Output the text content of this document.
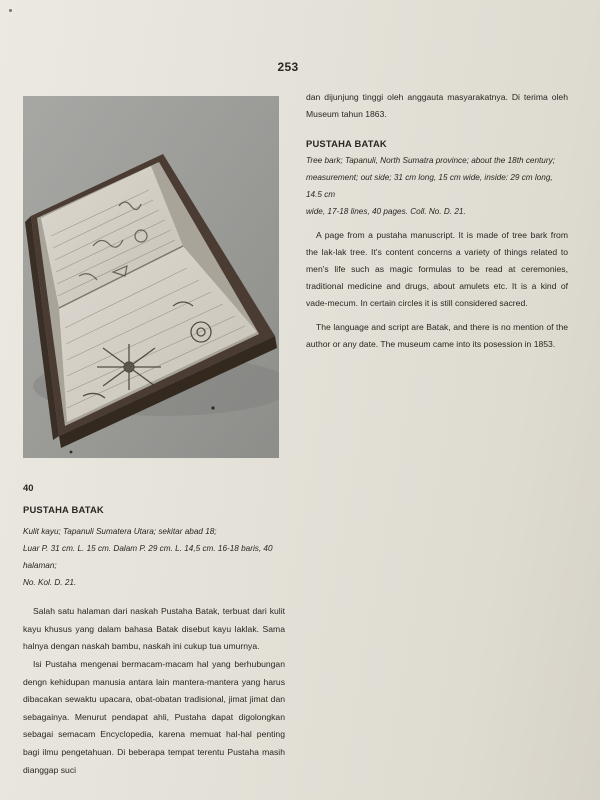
253

dan dijunjung tinggi oleh anggauta masyarakatnya. Di terima oleh Museum tahun 1863.

PUSTAHA BATAK

Tree bark; Tapanuli, North Sumatra province; about the 18th century;
measurement; out side; 31 cm long, 15 cm wide, inside: 29 cm long, 14.5 cm
wide, 17-18 lines, 40 pages. Coll. No. D. 21.

A page from a pustaha manuscript. It is made of tree bark from the lak-lak tree. It's content concerns a variety of things related to men's life such as magic formulas to be read at ceremonies, traditional medicine and drugs, about amulets etc. It is a kind of vade-mecum. In certain circles it is still considered sacred.

The language and script are Batak, and there is no mention of the author or any date. The museum came into its posession in 1853.

40

PUSTAHA BATAK

Kulit kayu; Tapanuli Sumatera Utara; sekitar abad 18;
Luar P. 31 cm. L. 15 cm. Dalam P. 29 cm. L. 14,5 cm. 16-18 baris, 40 halaman;
No. Kol. D. 21.

Salah satu halaman dari naskah Pustaha Batak, terbuat dari kulit kayu khusus yang dalam bahasa Batak disebut kayu laklak. Sama halnya dengan naskah bambu, naskah ini cukup tua umurnya.

Isi Pustaha mengenai bermacam-macam hal yang berhubungan dengn kehidupan manusia antara lain mantera-mantera yang harus dibacakan sewaktu upacara, obat-obatan tradisional, jimat jimat dan sebagainya. Menurut pendapat ahli, Pustaha dapat digolongkan sebagai semacam Encyclopedia, karena memuat hal-hal penting bagi ilmu pengetahuan. Di beberapa tempat terentu Pustaha masih dianggap suci
